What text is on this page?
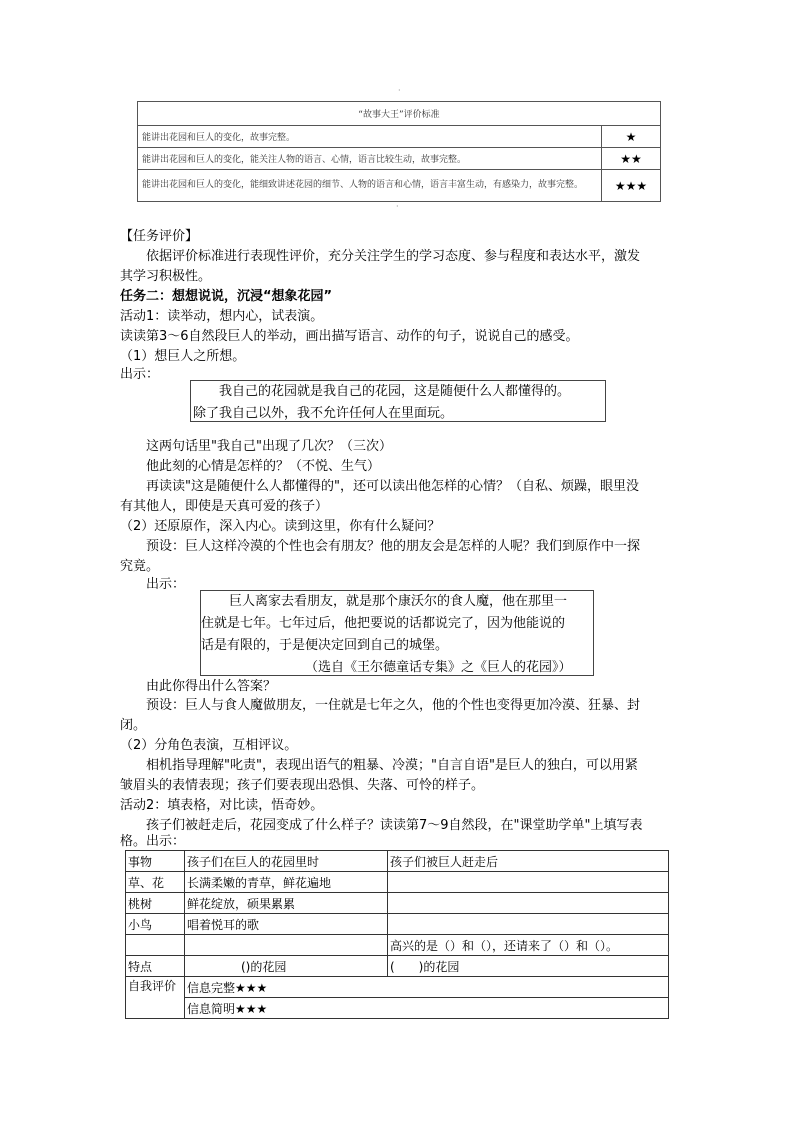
·
“故事大王”评价标准	
能讲出花园和巨人的变化，故事完整。	★
能讲出花园和巨人的变化，能关注人物的语言、心情，语言比较生动，故事完整。	★★
能讲出花园和巨人的变化，能细致讲述花园的细节、人物的语言和心情，语言丰富生动，有感染力，故事完整。	★★★
·
【任务评价】
依据评价标准进行表现性评价，充分关注学生的学习态度、参与程度和表达水平，激发
其学习积极性。
任务二：想想说说，沉浸“想象花园”
活动1：读举动，想内心，试表演。
读读第3～6自然段巨人的举动，画出描写语言、动作的句子，说说自己的感受。
（1）想巨人之所想。
出示：
我自己的花园就是我自己的花园，这是随便什么人都懂得的。
除了我自己以外，我不允许任何人在里面玩。
这两句话里"我自己"出现了几次？（三次）
他此刻的心情是怎样的？（不悦、生气）
再读读"这是随便什么人都懂得的"，还可以读出他怎样的心情？（自私、烦躁，眼里没
有其他人，即使是天真可爱的孩子）
（2）还原原作，深入内心。读到这里，你有什么疑问？
预设：巨人这样冷漠的个性也会有朋友？他的朋友会是怎样的人呢？我们到原作中一探
究竟。
出示：
巨人离家去看朋友，就是那个康沃尔的食人魔，他在那里一
住就是七年。七年过后，他把要说的话都说完了，因为他能说的
话是有限的，于是便决定回到自己的城堡。
（选自《王尔德童话专集》之《巨人的花园》）
由此你得出什么答案？
预设：巨人与食人魔做朋友，一住就是七年之久，他的个性也变得更加冷漠、狂暴、封
闭。
（2）分角色表演，互相评议。
相机指导理解"叱责"，表现出语气的粗暴、冷漠；"自言自语"是巨人的独白，可以用紧
皱眉头的表情表现；孩子们要表现出恐惧、失落、可怜的样子。
活动2：填表格，对比读，悟奇妙。
孩子们被赶走后，花园变成了什么样子？读读第7～9自然段，在"课堂助学单"上填写表
格。出示：
事物	孩子们在巨人的花园里时	孩子们被巨人赶走后
草、花	长满柔嫩的青草，鲜花遍地	
桃树	鲜花绽放，硕果累累	
小鸟	唱着悦耳的歌	
		高兴的是（）和（），还请来了（）和（）。
特点	()的花园	(　　)的花园
自我评价	信息完整★★★	
	信息简明★★★	
